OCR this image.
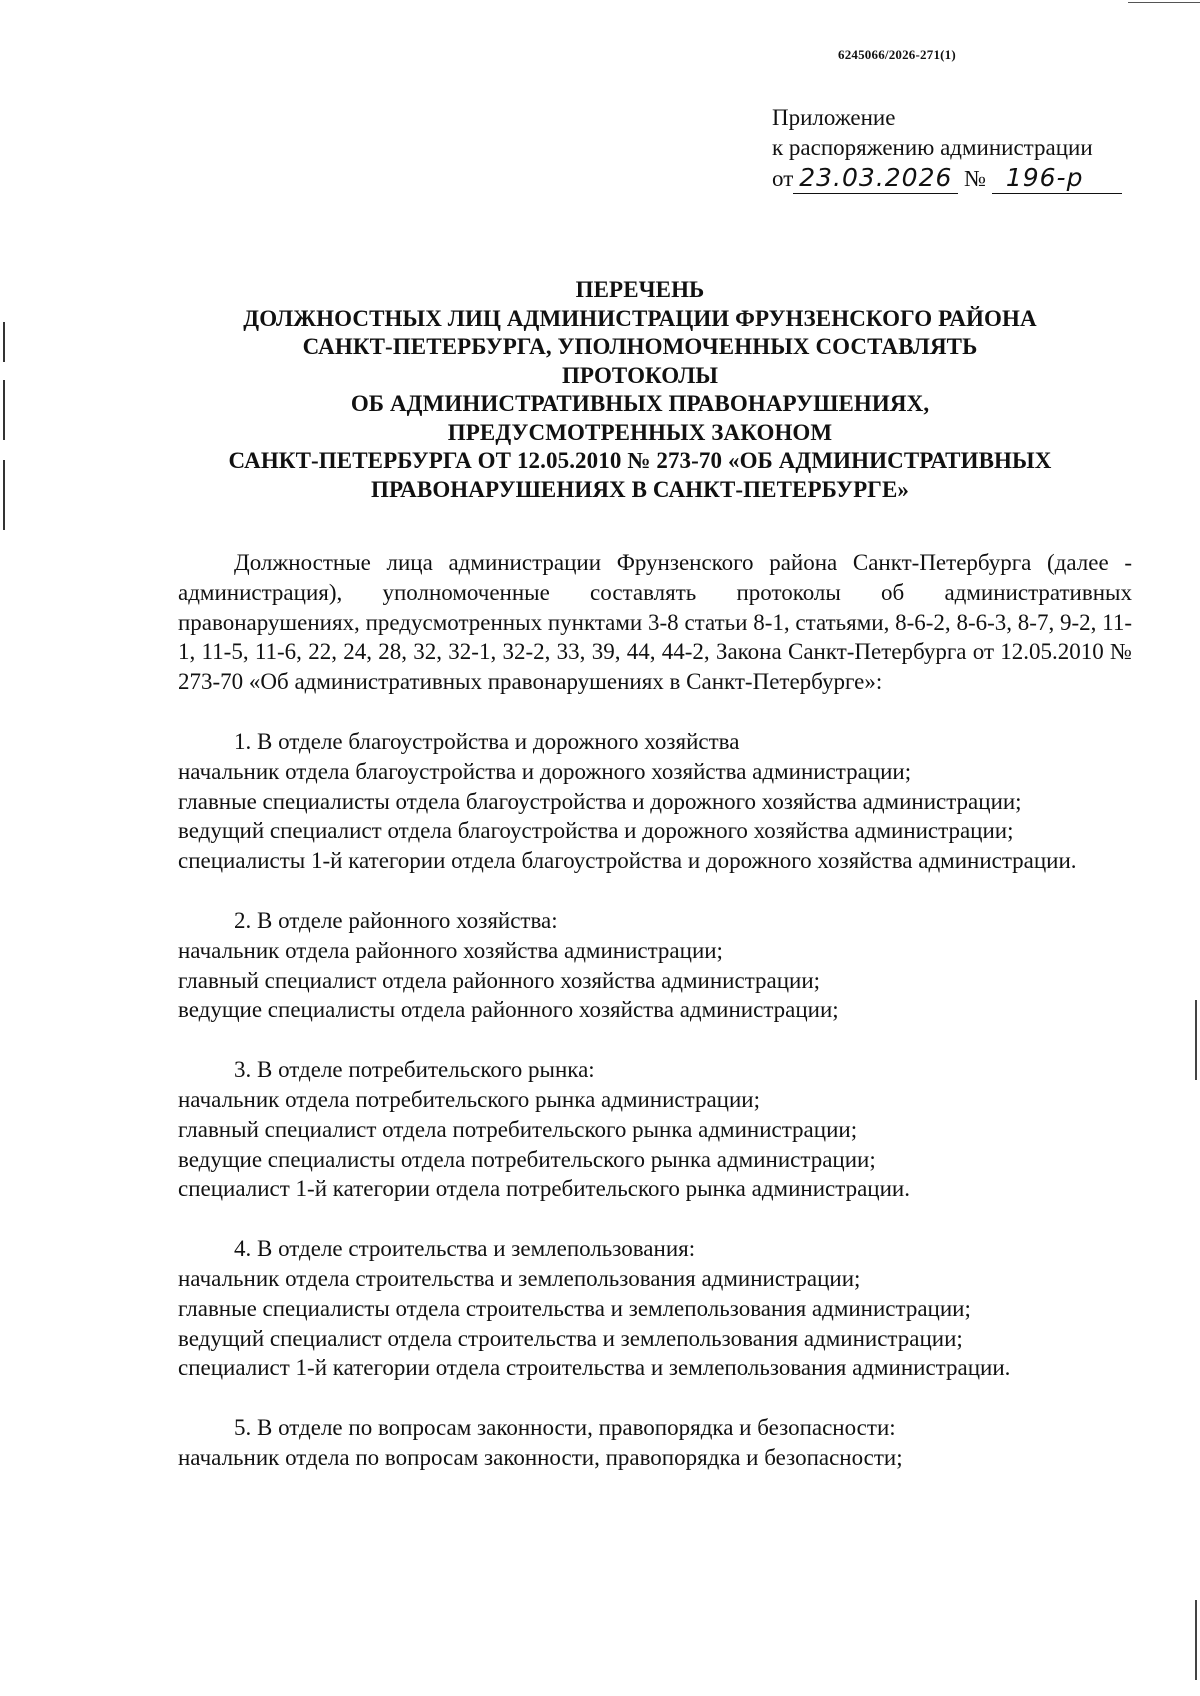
6245066/2026-271(1)
Приложение
к распоряжению администрации
от 23.03.2026 № 196-р
ПЕРЕЧЕНЬ
ДОЛЖНОСТНЫХ ЛИЦ АДМИНИСТРАЦИИ ФРУНЗЕНСКОГО РАЙОНА
САНКТ-ПЕТЕРБУРГА, УПОЛНОМОЧЕННЫХ СОСТАВЛЯТЬ
ПРОТОКОЛЫ
ОБ АДМИНИСТРАТИВНЫХ ПРАВОНАРУШЕНИЯХ,
ПРЕДУСМОТРЕННЫХ ЗАКОНОМ
САНКТ-ПЕТЕРБУРГА ОТ 12.05.2010 № 273-70 «ОБ АДМИНИСТРАТИВНЫХ
ПРАВОНАРУШЕНИЯХ В САНКТ-ПЕТЕРБУРГЕ»

Должностные лица администрации Фрунзенского района Санкт-Петербурга (далее - администрация), уполномоченные составлять протоколы об административных правонарушениях, предусмотренных пунктами 3-8 статьи 8-1, статьями, 8-6-2, 8-6-3, 8-7, 9-2, 11-1, 11-5, 11-6, 22, 24, 28, 32, 32-1, 32-2, 33, 39, 44, 44-2, Закона Санкт-Петербурга от 12.05.2010 № 273-70 «Об административных правонарушениях в Санкт-Петербурге»:

1. В отделе благоустройства и дорожного хозяйства
начальник отдела благоустройства и дорожного хозяйства администрации;
главные специалисты отдела благоустройства и дорожного хозяйства администрации;
ведущий специалист отдела благоустройства и дорожного хозяйства администрации;
специалисты 1-й категории отдела благоустройства и дорожного хозяйства администрации.
2. В отделе районного хозяйства:
начальник отдела районного хозяйства администрации;
главный специалист отдела районного хозяйства администрации;
ведущие специалисты отдела районного хозяйства администрации;
3. В отделе потребительского рынка:
начальник отдела потребительского рынка администрации;
главный специалист отдела потребительского рынка администрации;
ведущие специалисты отдела потребительского рынка администрации;
специалист 1-й категории отдела потребительского рынка администрации.
4. В отделе строительства и землепользования:
начальник отдела строительства и землепользования администрации;
главные специалисты отдела строительства и землепользования администрации;
ведущий специалист отдела строительства и землепользования администрации;
специалист 1-й категории отдела строительства и землепользования администрации.
5. В отделе по вопросам законности, правопорядка и безопасности:
начальник отдела по вопросам законности, правопорядка и безопасности;
